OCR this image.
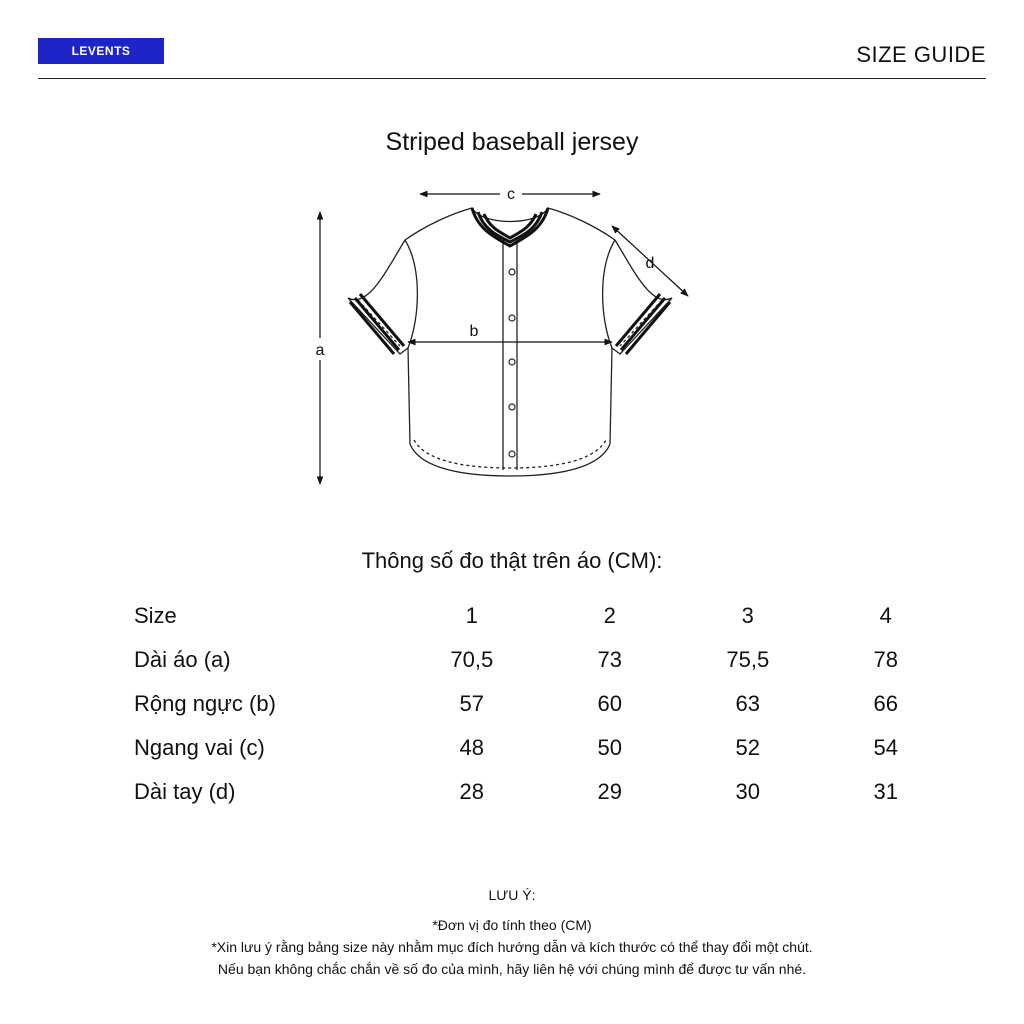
LEVENTS	SIZE GUIDE
Striped baseball jersey
a
b
c
d
Thông số đo thật trên áo (CM):
Size	1	2	3	4
Dài áo (a)	70,5	73	75,5	78
Rộng ngực (b)	57	60	63	66
Ngang vai (c)	48	50	52	54
Dài tay (d)	28	29	30	31
LƯU Ý:
*Đơn vị đo tính theo (CM)
*Xin lưu ý rằng bảng size này nhằm mục đích hướng dẫn và kích thước có thể thay đổi một chút.
Nếu bạn không chắc chắn về số đo của mình, hãy liên hệ với chúng mình để được tư vấn nhé.
